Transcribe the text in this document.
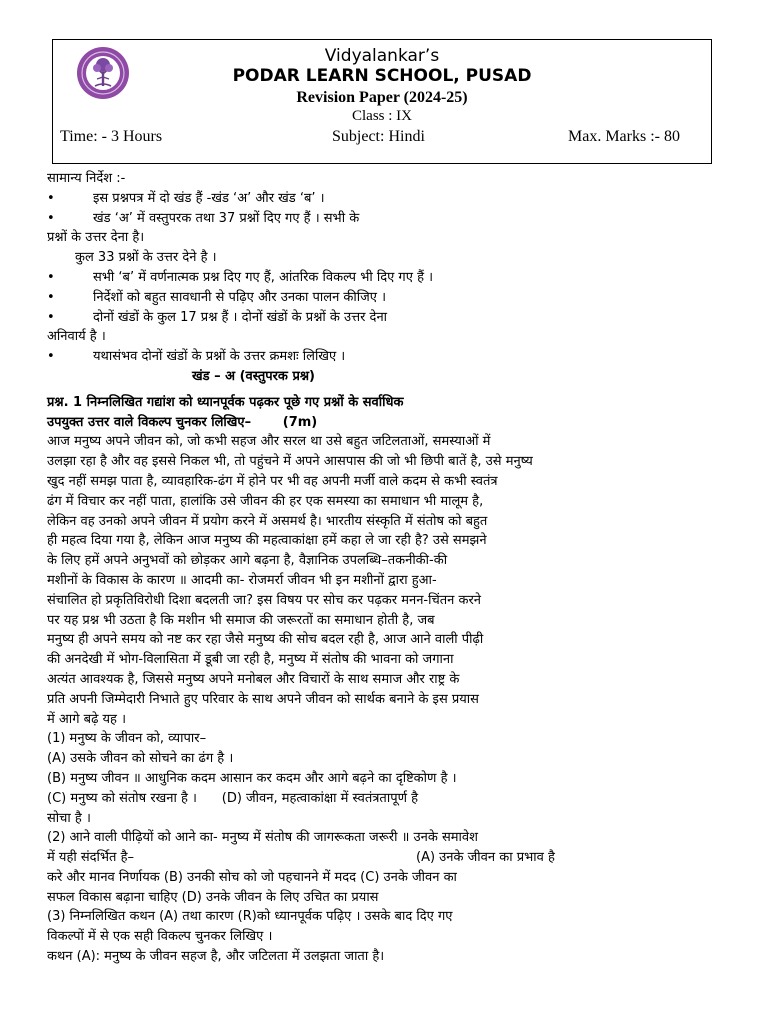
Vidyalankar’s
PODAR LEARN SCHOOL, PUSAD
Revision Paper (2024-25)
Class : IX
Time: - 3 Hours	Subject: Hindi	Max. Marks :- 80
सामान्य निर्देश :-
•	इस प्रश्नपत्र में दो खंड हैं -खंड ‘अ’ और खंड ‘ब’ ।
•	खंड ‘अ’ में वस्तुपरक तथा 37 प्रश्नों दिए गए हैं । सभी के
प्रश्नों के उत्तर देना है।
कुल 33 प्रश्नों के उत्तर देने है ।
•	सभी ‘ब’ में वर्णनात्मक प्रश्न दिए गए हैं, आंतरिक विकल्प भी दिए गए हैं ।
•	निर्देशों को बहुत सावधानी से पढ़िए और उनका पालन कीजिए ।
•	दोनों खंडों के कुल 17 प्रश्न हैं । दोनों खंडों के प्रश्नों के उत्तर देना
अनिवार्य है ।
•	यथासंभव दोनों खंडों के प्रश्नों के उत्तर क्रमशः लिखिए ।
खंड – अ (वस्तुपरक प्रश्न)
प्रश्न. 1 निम्नलिखित गद्यांश को ध्यानपूर्वक पढ़कर पूछे गए प्रश्नों के सर्वाधिक
उपयुक्त उत्तर वाले विकल्प चुनकर लिखिए– (7m)
आज मनुष्य अपने जीवन को, जो कभी सहज और सरल था उसे बहुत जटिलताओं, समस्याओं में
उलझा रहा है और वह इससे निकल भी, तो पहुंचने में अपने आसपास की जो भी छिपी बातें है, उसे मनुष्य
खुद नहीं समझ पाता है, व्यावहारिक-ढंग में होने पर भी वह अपनी मर्जी वाले कदम से कभी स्वतंत्र
ढंग में विचार कर नहीं पाता, हालांकि उसे जीवन की हर एक समस्या का समाधान भी मालूम है,
लेकिन वह उनको अपने जीवन में प्रयोग करने में असमर्थ है। भारतीय संस्कृति में संतोष को बहुत
ही महत्व दिया गया है, लेकिन आज मनुष्य की महत्वाकांक्षा हमें कहा ले जा रही है? उसे समझने
के लिए हमें अपने अनुभवों को छोड़कर आगे बढ़ना है, वैज्ञानिक उपलब्धि–तकनीकी-की
मशीनों के विकास के कारण ॥ आदमी का- रोजमर्रा जीवन भी इन मशीनों द्वारा हुआ-
संचालित हो प्रकृतिविरोधी दिशा बदलती जा? इस विषय पर सोच कर पढ़कर मनन-चिंतन करने
पर यह प्रश्न भी उठता है कि मशीन भी समाज की जरूरतों का समाधान होती है, जब
मनुष्य ही अपने समय को नष्ट कर रहा जैसे मनुष्य की सोच बदल रही है, आज आने वाली पीढ़ी
की अनदेखी में भोग-विलासिता में डूबी जा रही है, मनुष्य में संतोष की भावना को जगाना
अत्यंत आवश्यक है, जिससे मनुष्य अपने मनोबल और विचारों के साथ समाज और राष्ट्र के
प्रति अपनी जिम्मेदारी निभाते हुए परिवार के साथ अपने जीवन को सार्थक बनाने के इस प्रयास
में आगे बढ़े यह ।
(1) मनुष्य के जीवन को, व्यापार–
(A) उसके जीवन को सोचने का ढंग है ।
(B) मनुष्य जीवन ॥ आधुनिक कदम आसान कर कदम और आगे बढ़ने का दृष्टिकोण है ।
(C) मनुष्य को संतोष रखना है । (D) जीवन, महत्वाकांक्षा में स्वतंत्रतापूर्ण है
सोचा है ।
(2) आने वाली पीढ़ियों को आने का- मनुष्य में संतोष की जागरूकता जरूरी ॥ उनके समावेश
में यही संदर्भित है–	(A) उनके जीवन का प्रभाव है
करे और मानव निर्णायक (B) उनकी सोच को जो पहचानने में मदद (C) उनके जीवन का
सफल विकास बढ़ाना चाहिए (D) उनके जीवन के लिए उचित का प्रयास
(3) निम्नलिखित कथन (A) तथा कारण (R)को ध्यानपूर्वक पढ़िए । उसके बाद दिए गए
विकल्पों में से एक सही विकल्प चुनकर लिखिए ।
कथन (A): मनुष्य के जीवन सहज है, और जटिलता में उलझता जाता है।
